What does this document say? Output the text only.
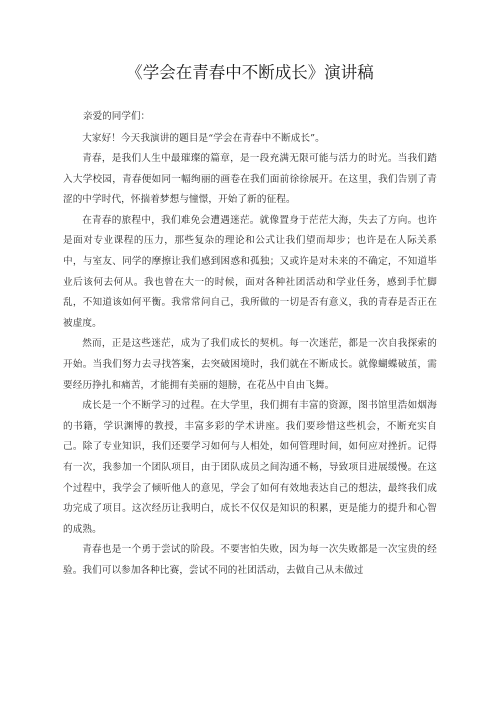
《学会在青春中不断成长》演讲稿

亲爱的同学们：

大家好！今天我演讲的题目是“学会在青春中不断成长”。

青春，是我们人生中最璀璨的篇章，是一段充满无限可能与活力的时光。当我们踏入大学校园，青春便如同一幅绚丽的画卷在我们面前徐徐展开。在这里，我们告别了青涩的中学时代，怀揣着梦想与憧憬，开始了新的征程。

在青春的旅程中，我们难免会遭遇迷茫。就像置身于茫茫大海，失去了方向。也许是面对专业课程的压力，那些复杂的理论和公式让我们望而却步；也许是在人际关系中，与室友、同学的摩擦让我们感到困惑和孤独；又或许是对未来的不确定，不知道毕业后该何去何从。我也曾在大一的时候，面对各种社团活动和学业任务，感到手忙脚乱，不知道该如何平衡。我常常问自己，我所做的一切是否有意义，我的青春是否正在被虚度。

然而，正是这些迷茫，成为了我们成长的契机。每一次迷茫，都是一次自我探索的开始。当我们努力去寻找答案，去突破困境时，我们就在不断成长。就像蝴蝶破茧，需要经历挣扎和痛苦，才能拥有美丽的翅膀，在花丛中自由飞舞。

成长是一个不断学习的过程。在大学里，我们拥有丰富的资源，图书馆里浩如烟海的书籍，学识渊博的教授，丰富多彩的学术讲座。我们要珍惜这些机会，不断充实自己。除了专业知识，我们还要学习如何与人相处，如何管理时间，如何应对挫折。记得有一次，我参加一个团队项目，由于团队成员之间沟通不畅，导致项目进展缓慢。在这个过程中，我学会了倾听他人的意见，学会了如何有效地表达自己的想法，最终我们成功完成了项目。这次经历让我明白，成长不仅仅是知识的积累，更是能力的提升和心智的成熟。

青春也是一个勇于尝试的阶段。不要害怕失败，因为每一次失败都是一次宝贵的经验。我们可以参加各种比赛，尝试不同的社团活动，去做自己从未做过
